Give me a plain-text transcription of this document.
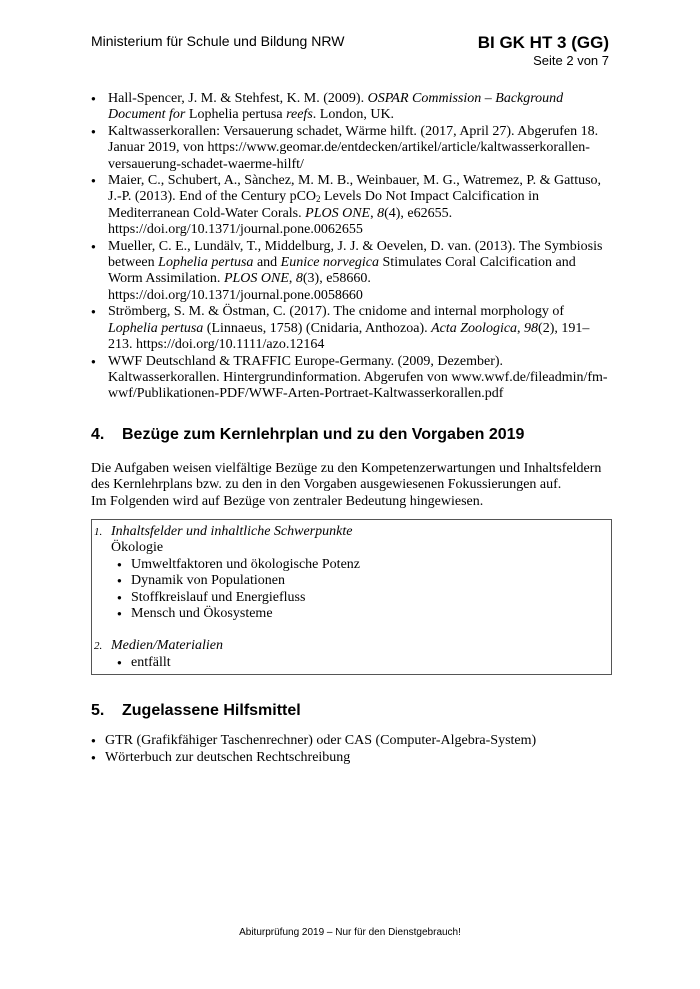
Ministerium für Schule und Bildung NRW	BI GK HT 3 (GG)
Seite 2 von 7
● Hall-Spencer, J. M. & Stehfest, K. M. (2009). OSPAR Commission – Background Document for Lophelia pertusa reefs. London, UK.
● Kaltwasserkorallen: Versauerung schadet, Wärme hilft. (2017, April 27). Abgerufen 18. Januar 2019, von https://www.geomar.de/entdecken/artikel/article/kaltwasserkorallen-versauerung-schadet-waerme-hilft/
● Maier, C., Schubert, A., Sànchez, M. M. B., Weinbauer, M. G., Watremez, P. & Gattuso, J.-P. (2013). End of the Century pCO$_2$ Levels Do Not Impact Calcification in Mediterranean Cold-Water Corals. PLOS ONE, 8(4), e62655. https://doi.org/10.1371/journal.pone.0062655
● Mueller, C. E., Lundälv, T., Middelburg, J. J. & Oevelen, D. van. (2013). The Symbiosis between Lophelia pertusa and Eunice norvegica Stimulates Coral Calcification and Worm Assimilation. PLOS ONE, 8(3), e58660. https://doi.org/10.1371/journal.pone.0058660
● Strömberg, S. M. & Östman, C. (2017). The cnidome and internal morphology of Lophelia pertusa (Linnaeus, 1758) (Cnidaria, Anthozoa). Acta Zoologica, 98(2), 191–213. https://doi.org/10.1111/azo.12164
● WWF Deutschland & TRAFFIC Europe-Germany. (2009, Dezember). Kaltwasserkorallen. Hintergrundinformation. Abgerufen von www.wwf.de/fileadmin/fm-wwf/Publikationen-PDF/WWF-Arten-Portraet-Kaltwasserkorallen.pdf
4. Bezüge zum Kernlehrplan und zu den Vorgaben 2019
Die Aufgaben weisen vielfältige Bezüge zu den Kompetenzerwartungen und Inhaltsfeldern des Kernlehrplans bzw. zu den in den Vorgaben ausgewiesenen Fokussierungen auf.
Im Folgenden wird auf Bezüge von zentraler Bedeutung hingewiesen.
1. Inhaltsfelder und inhaltliche Schwerpunkte
Ökologie
● Umweltfaktoren und ökologische Potenz
● Dynamik von Populationen
● Stoffkreislauf und Energiefluss
● Mensch und Ökosysteme
2. Medien/Materialien
● entfällt
5. Zugelassene Hilfsmittel
● GTR (Grafikfähiger Taschenrechner) oder CAS (Computer-Algebra-System)
● Wörterbuch zur deutschen Rechtschreibung
Abiturprüfung 2019 – Nur für den Dienstgebrauch!
